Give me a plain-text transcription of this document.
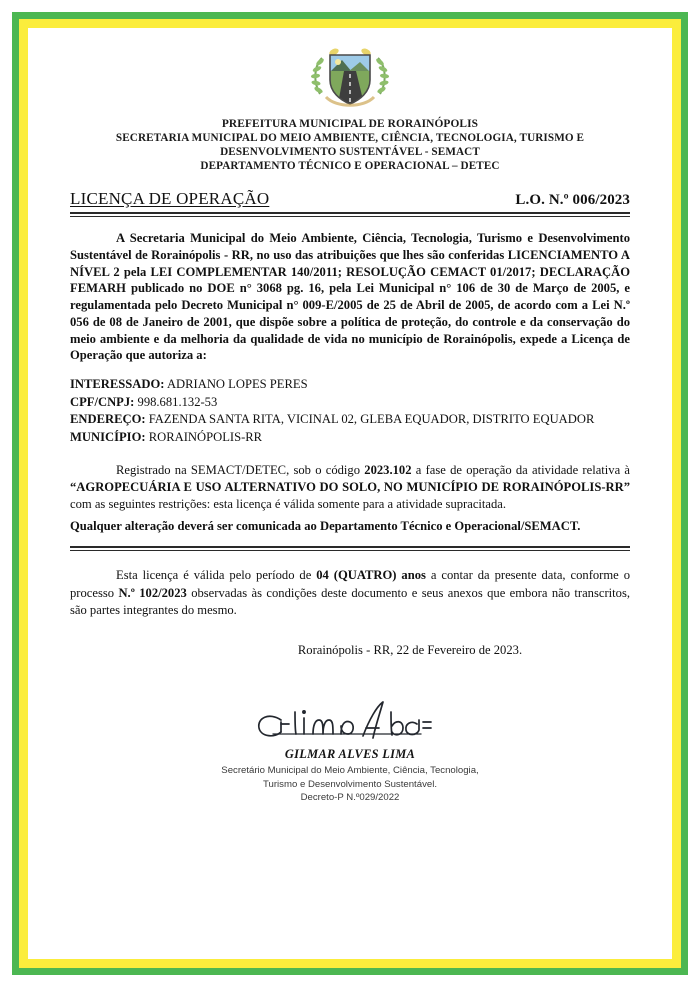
PREFEITURA MUNICIPAL DE RORAINÓPOLIS
SECRETARIA MUNICIPAL DO MEIO AMBIENTE, CIÊNCIA, TECNOLOGIA, TURISMO E
DESENVOLVIMENTO SUSTENTÁVEL - SEMACT
DEPARTAMENTO TÉCNICO E OPERACIONAL – DETEC
LICENÇA DE OPERAÇÃO	L.O. N.º 006/2023
A Secretaria Municipal do Meio Ambiente, Ciência, Tecnologia, Turismo e Desenvolvimento Sustentável de Rorainópolis - RR, no uso das atribuições que lhes são conferidas LICENCIAMENTO A NÍVEL 2 pela LEI COMPLEMENTAR 140/2011; RESOLUÇÃO CEMACT 01/2017; DECLARAÇÃO FEMARH publicado no DOE n° 3068 pg. 16, pela Lei Municipal n° 106 de 30 de Março de 2005, e regulamentada pelo Decreto Municipal n° 009-E/2005 de 25 de Abril de 2005, de acordo com a Lei N.º 056 de 08 de Janeiro de 2001, que dispõe sobre a política de proteção, do controle e da conservação do meio ambiente e da melhoria da qualidade de vida no município de Rorainópolis, expede a Licença de Operação que autoriza a:
INTERESSADO: ADRIANO LOPES PERES
CPF/CNPJ: 998.681.132-53
ENDEREÇO: FAZENDA SANTA RITA, VICINAL 02, GLEBA EQUADOR, DISTRITO EQUADOR
MUNICÍPIO: RORAINÓPOLIS-RR
Registrado na SEMACT/DETEC, sob o código 2023.102 a fase de operação da atividade relativa à “AGROPECUÁRIA E USO ALTERNATIVO DO SOLO, NO MUNICÍPIO DE RORAINÓPOLIS-RR” com as seguintes restrições: esta licença é válida somente para a atividade supracitada.
Qualquer alteração deverá ser comunicada ao Departamento Técnico e Operacional/SEMACT.
Esta licença é válida pelo período de 04 (QUATRO) anos a contar da presente data, conforme o processo N.º 102/2023 observadas às condições deste documento e seus anexos que embora não transcritos, são partes integrantes do mesmo.
Rorainópolis - RR, 22 de Fevereiro de 2023.
GILMAR ALVES LIMA
Secretário Municipal do Meio Ambiente, Ciência, Tecnologia,
Turismo e Desenvolvimento Sustentável.
Decreto-P N.º029/2022
